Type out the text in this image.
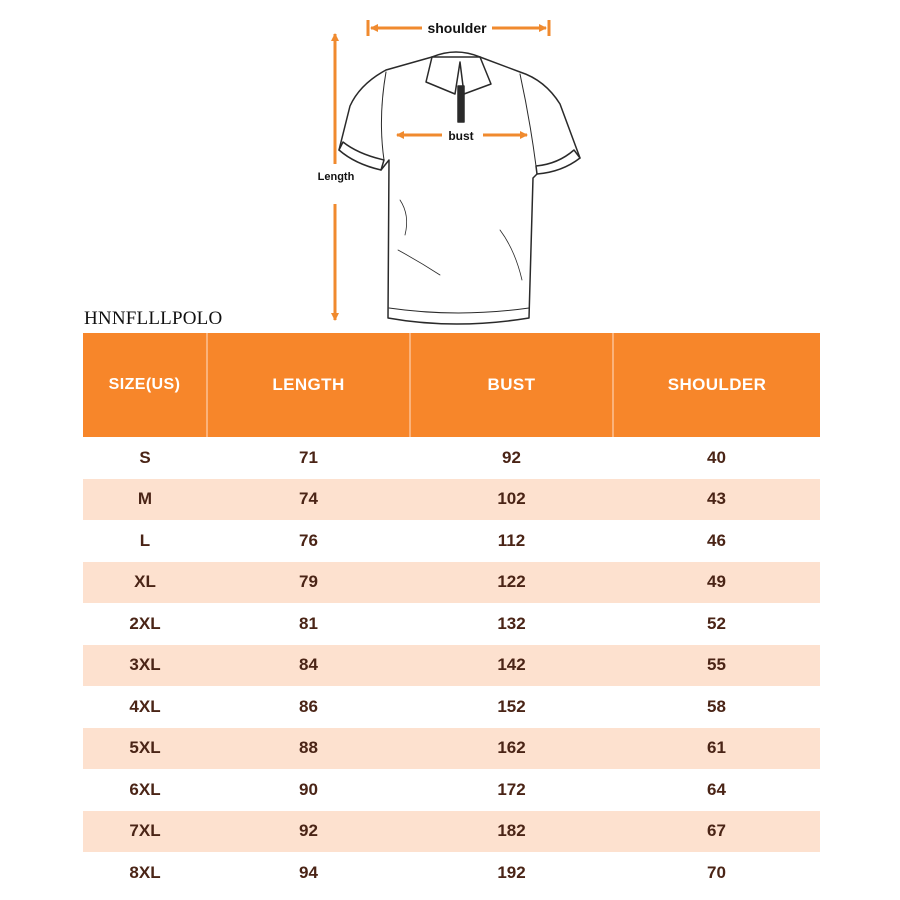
shoulder
bust
Length
HNNFLLLPOLO
SIZE(US)	LENGTH	BUST	SHOULDER
S	71	92	40
M	74	102	43
L	76	112	46
XL	79	122	49
2XL	81	132	52
3XL	84	142	55
4XL	86	152	58
5XL	88	162	61
6XL	90	172	64
7XL	92	182	67
8XL	94	192	70
